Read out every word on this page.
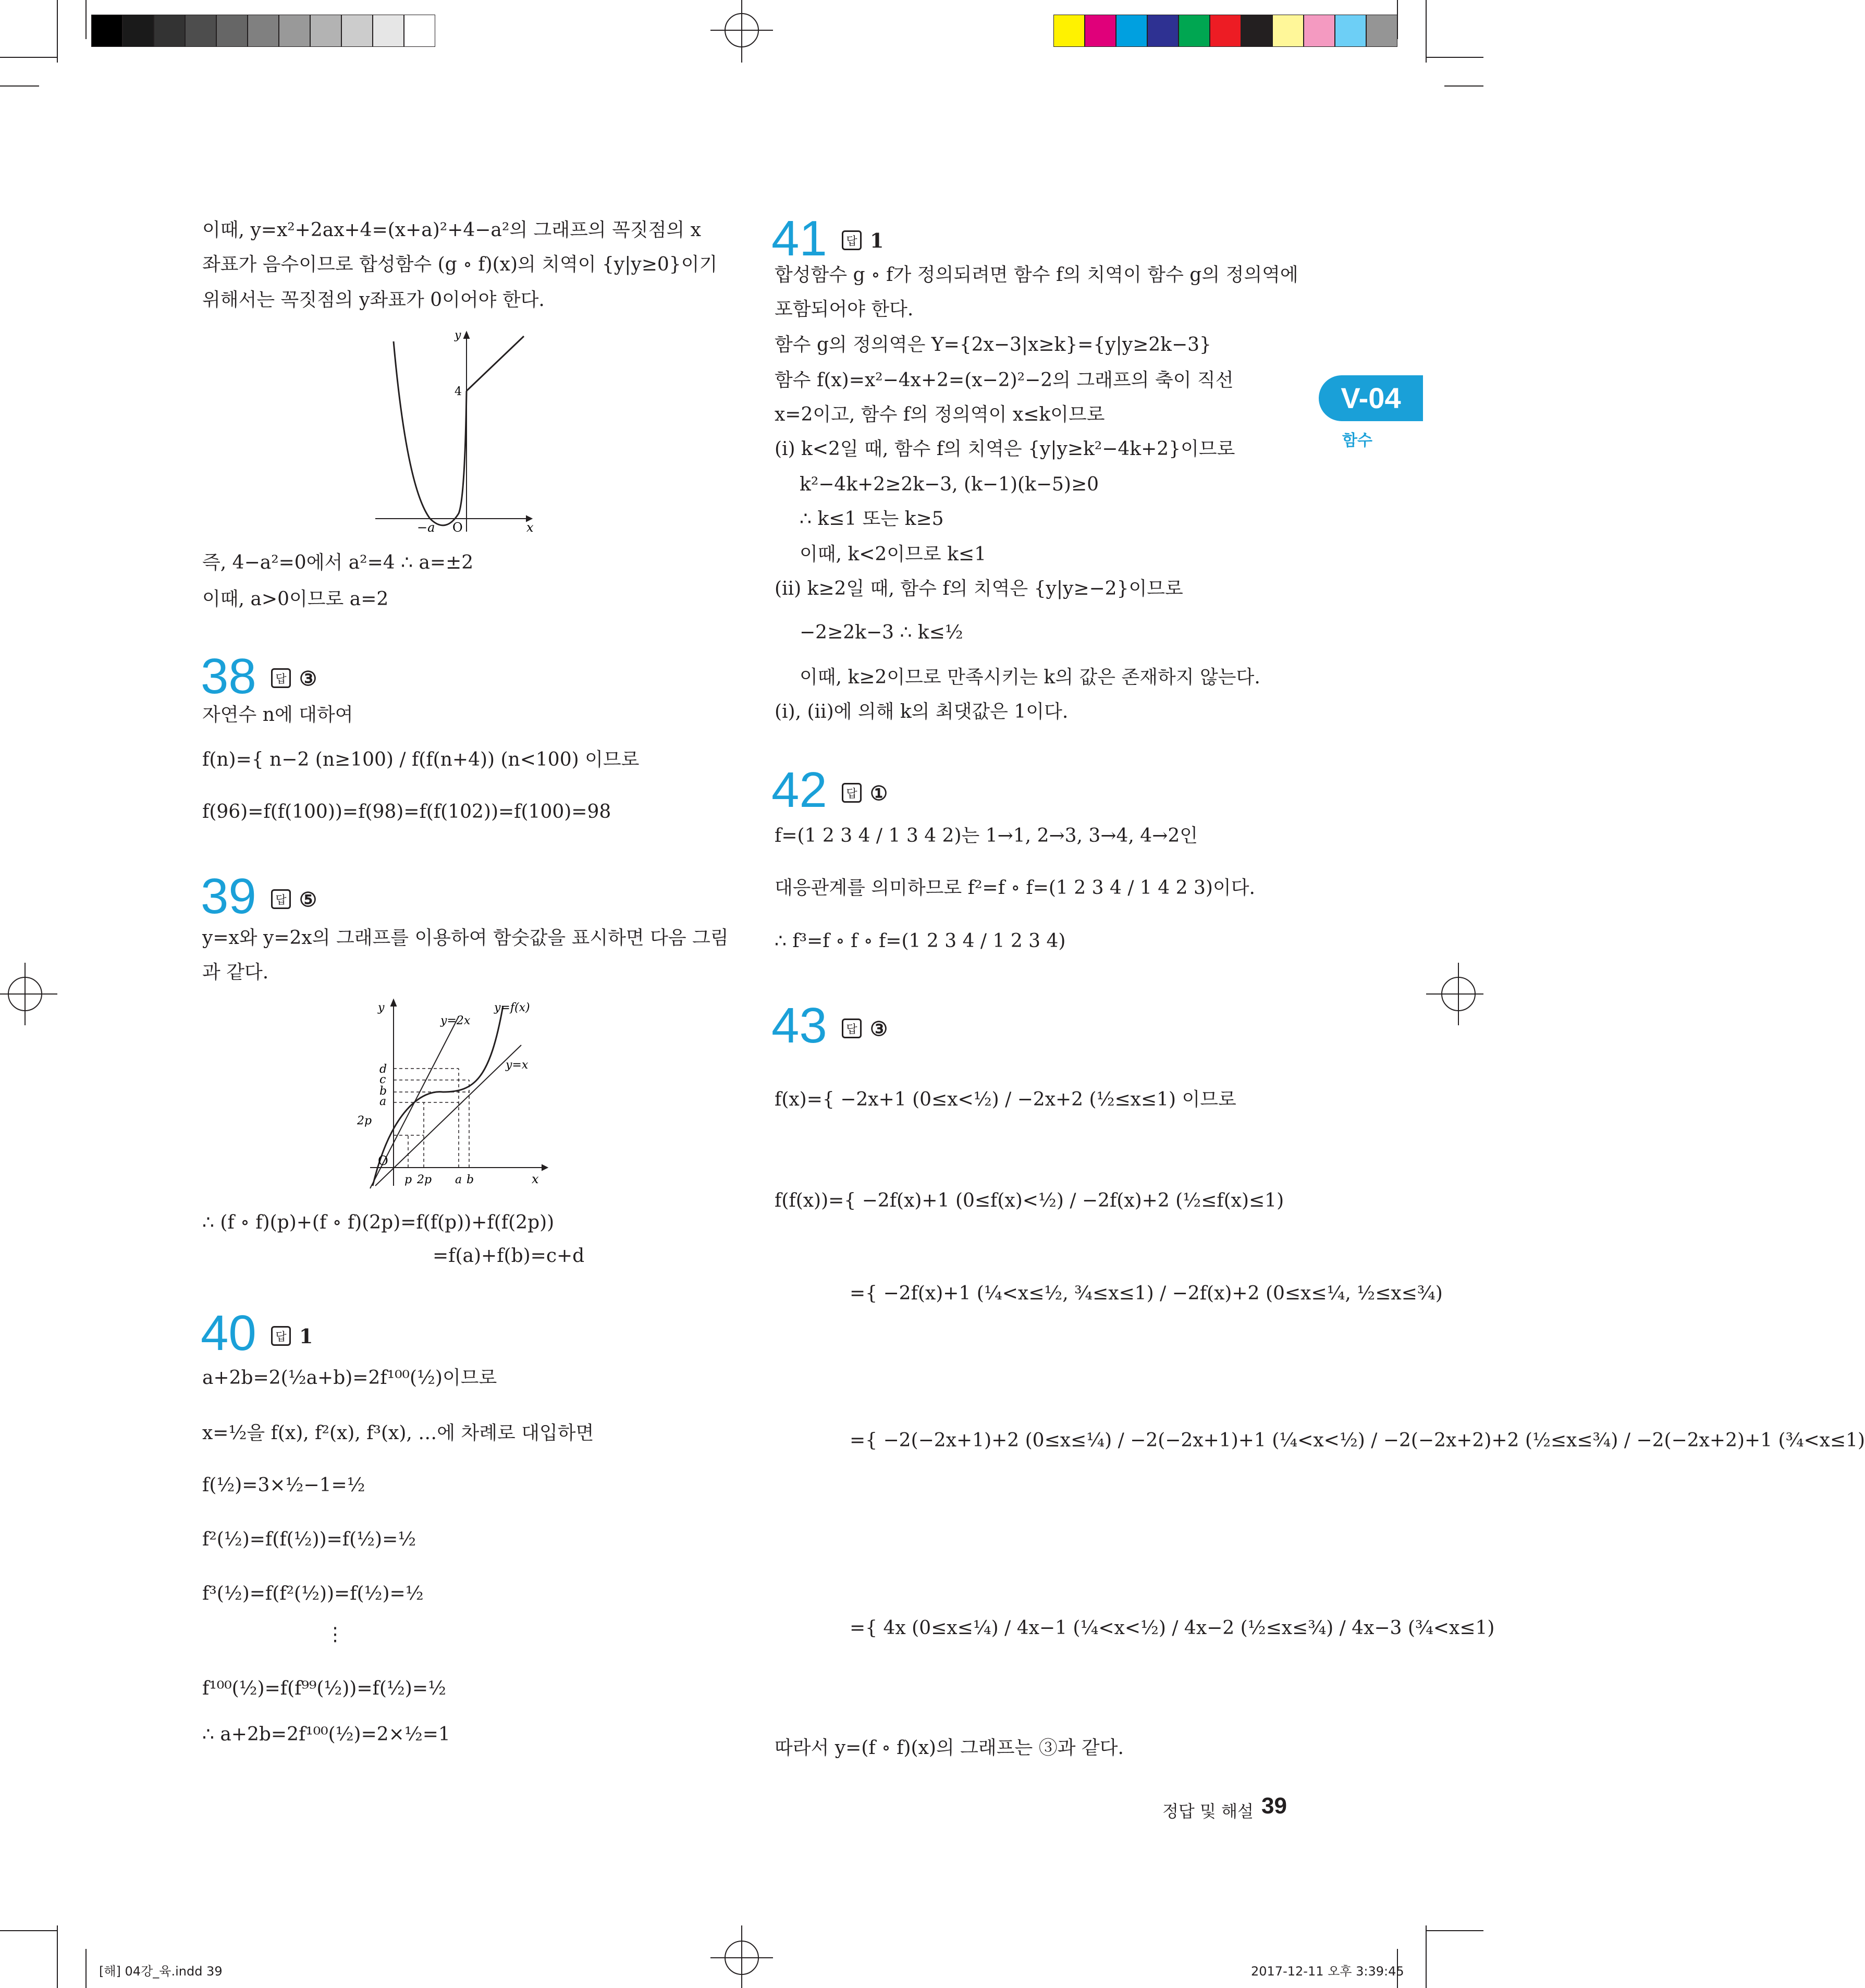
V-04
함수
이때, y=x²+2ax+4=(x+a)²+4−a²의 그래프의 꼭짓점의 x
좌표가 음수이므로 합성함수 (g ∘ f)(x)의 치역이 {y|y≥0}이기
위해서는 꼭짓점의 y좌표가 0이어야 한다.
y
x
O
4
−a
즉, 4−a²=0에서 a²=4 ∴ a=±2
이때, a>0이므로 a=2
38	답 ③
자연수 n에 대하여
f(n)={ n−2 (n≥100) / f(f(n+4)) (n<100) 이므로
f(96)=f(f(100))=f(98)=f(f(102))=f(100)=98
39	답 ⑤
y=x와 y=2x의 그래프를 이용하여 함숫값을 표시하면 다음 그림
과 같다.
y
x
O
y=2x
y=f(x)
y=x
d
c
b
a
2p
p 2p a b
∴ (f ∘ f)(p)+(f ∘ f)(2p)=f(f(p))+f(f(2p))
=f(a)+f(b)=c+d
40	답 1
a+2b=2(½a+b)=2f¹⁰⁰(½)이므로
x=½을 f(x), f²(x), f³(x), …에 차례로 대입하면
f(½)=3×½−1=½
f²(½)=f(f(½))=f(½)=½
f³(½)=f(f²(½))=f(½)=½
⋮
f¹⁰⁰(½)=f(f⁹⁹(½))=f(½)=½
∴ a+2b=2f¹⁰⁰(½)=2×½=1
41	답 1
합성함수 g ∘ f가 정의되려면 함수 f의 치역이 함수 g의 정의역에
포함되어야 한다.
함수 g의 정의역은 Y={2x−3|x≥k}={y|y≥2k−3}
함수 f(x)=x²−4x+2=(x−2)²−2의 그래프의 축이 직선
x=2이고, 함수 f의 정의역이 x≤k이므로
(i) k<2일 때, 함수 f의 치역은 {y|y≥k²−4k+2}이므로
k²−4k+2≥2k−3, (k−1)(k−5)≥0
∴ k≤1 또는 k≥5
이때, k<2이므로 k≤1
(ii) k≥2일 때, 함수 f의 치역은 {y|y≥−2}이므로
−2≥2k−3 ∴ k≤½
이때, k≥2이므로 만족시키는 k의 값은 존재하지 않는다.
(i), (ii)에 의해 k의 최댓값은 1이다.
42	답 ①
f=(1 2 3 4 / 1 3 4 2)는 1→1, 2→3, 3→4, 4→2인
대응관계를 의미하므로 f²=f ∘ f=(1 2 3 4 / 1 4 2 3)이다.
∴ f³=f ∘ f ∘ f=(1 2 3 4 / 1 2 3 4)
43	답 ③
f(x)={ −2x+1 (0≤x<½) / −2x+2 (½≤x≤1) 이므로
f(f(x))={ −2f(x)+1 (0≤f(x)<½) / −2f(x)+2 (½≤f(x)≤1)
={ −2f(x)+1 (¼<x≤½, ¾≤x≤1) / −2f(x)+2 (0≤x≤¼, ½≤x≤¾)
={ −2(−2x+1)+2 (0≤x≤¼) / −2(−2x+1)+1 (¼<x<½) / −2(−2x+2)+2 (½≤x≤¾) / −2(−2x+2)+1 (¾<x≤1)
={ 4x (0≤x≤¼) / 4x−1 (¼<x<½) / 4x−2 (½≤x≤¾) / 4x−3 (¾<x≤1)
따라서 y=(f ∘ f)(x)의 그래프는 ③과 같다.
정답 및 해설 39
[해] 04강_육.indd 39	2017-12-11 오후 3:39:45
